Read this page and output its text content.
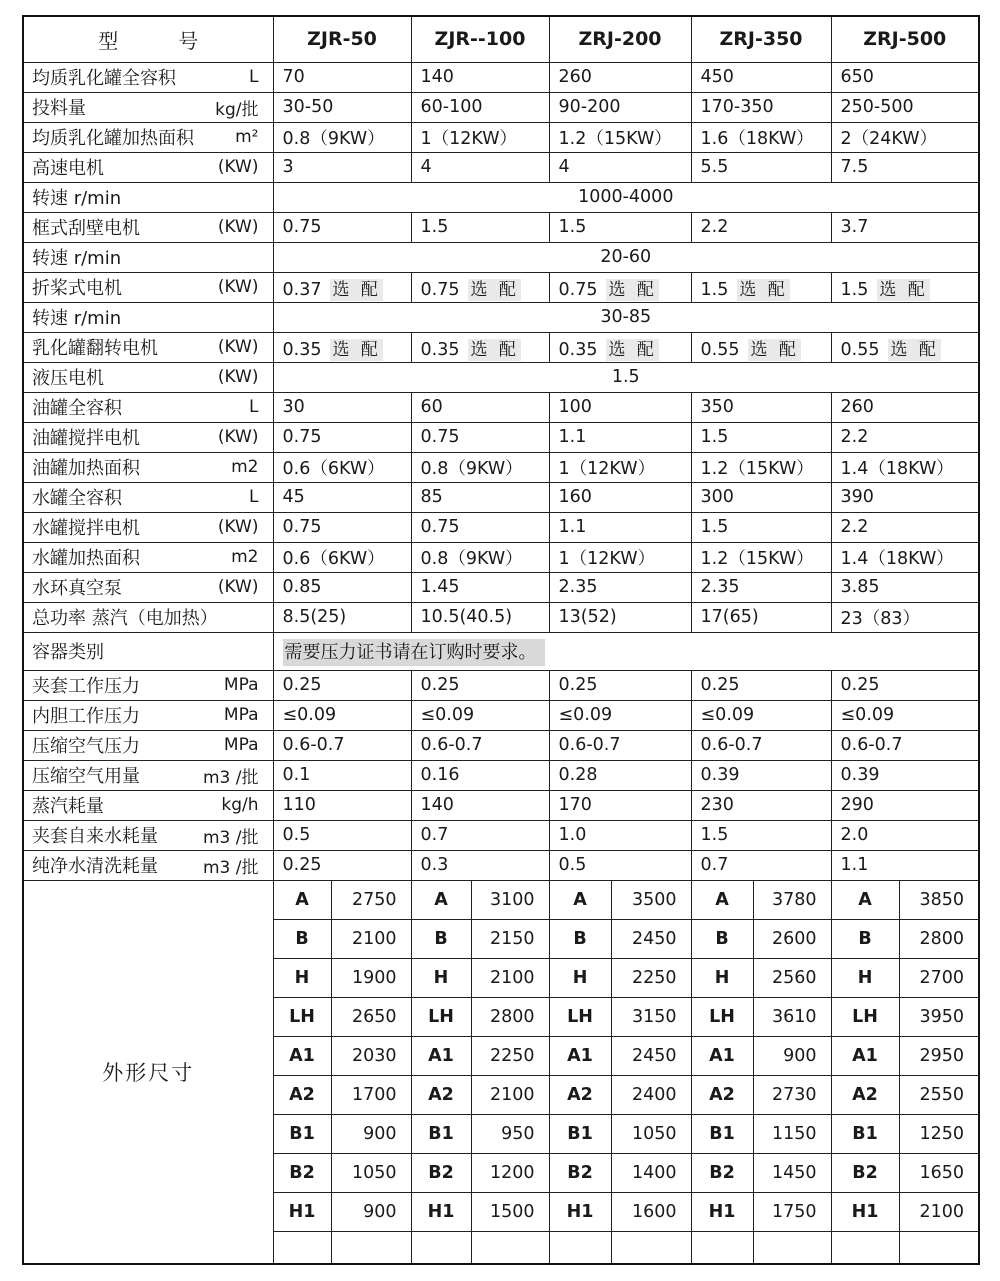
型　　　号	ZJR-50		ZJR--100		ZRJ-200		ZRJ-350		ZRJ-500	

均质乳化罐全容积 L	70		140		260		450		650	

投料量 kg/批	30-50		60-100		90-200		170-350		250-500	

均质乳化罐加热面积 m²	0.8（9KW）		1（12KW）		1.2（15KW）		1.6（18KW）		2（24KW）	

高速电机 (KW)	3		4		4		5.5		7.5	

转速 r/min	1000-4000									

框式刮壁电机 (KW)	0.75		1.5		1.5		2.2		3.7	

转速 r/min	20-60									

折桨式电机 (KW)	0.37 选 配		0.75 选 配		0.75 选 配		1.5 选 配		1.5 选 配	

转速 r/min	30-85									

乳化罐翻转电机 (KW)	0.35 选 配		0.35 选 配		0.35 选 配		0.55 选 配		0.55 选 配	

液压电机 (KW)	1.5									

油罐全容积 L	30		60		100		350		260	

油罐搅拌电机 (KW)	0.75		0.75		1.1		1.5		2.2	

油罐加热面积 m2	0.6（6KW）		0.8（9KW）		1（12KW）		1.2（15KW）		1.4（18KW）	

水罐全容积 L	45		85		160		300		390	

水罐搅拌电机 (KW)	0.75		0.75		1.1		1.5		2.2	

水罐加热面积 m2	0.6（6KW）		0.8（9KW）		1（12KW）		1.2（15KW）		1.4（18KW）	

水环真空泵 (KW)	0.85		1.45		2.35		2.35		3.85	

总功率 蒸汽（电加热）	8.5(25)		10.5(40.5)		13(52)		17(65)		23（83）	

容器类别	需要压力证书请在订购时要求。									

夹套工作压力 MPa	0.25		0.25		0.25		0.25		0.25	

内胆工作压力 MPa	≤0.09		≤0.09		≤0.09		≤0.09		≤0.09	

压缩空气压力 MPa	0.6-0.7		0.6-0.7		0.6-0.7		0.6-0.7		0.6-0.7	

压缩空气用量 m3 /批	0.1		0.16		0.28		0.39		0.39	

蒸汽耗量 kg/h	110		140		170		230		290	

夹套自来水耗量 m3 /批	0.5		0.7		1.0		1.5		2.0	

纯净水清洗耗量 m3 /批	0.25		0.3		0.5		0.7		1.1	

外形尺寸	A	2750	A	3100	A	3500	A	3780	A	3850
	B	2100	B	2150	B	2450	B	2600	B	2800
	H	1900	H	2100	H	2250	H	2560	H	2700
	LH	2650	LH	2800	LH	3150	LH	3610	LH	3950
	A1	2030	A1	2250	A1	2450	A1	900	A1	2950
	A2	1700	A2	2100	A2	2400	A2	2730	A2	2550
	B1	900	B1	950	B1	1050	B1	1150	B1	1250
	B2	1050	B2	1200	B2	1400	B2	1450	B2	1650
	H1	900	H1	1500	H1	1600	H1	1750	H1	2100
